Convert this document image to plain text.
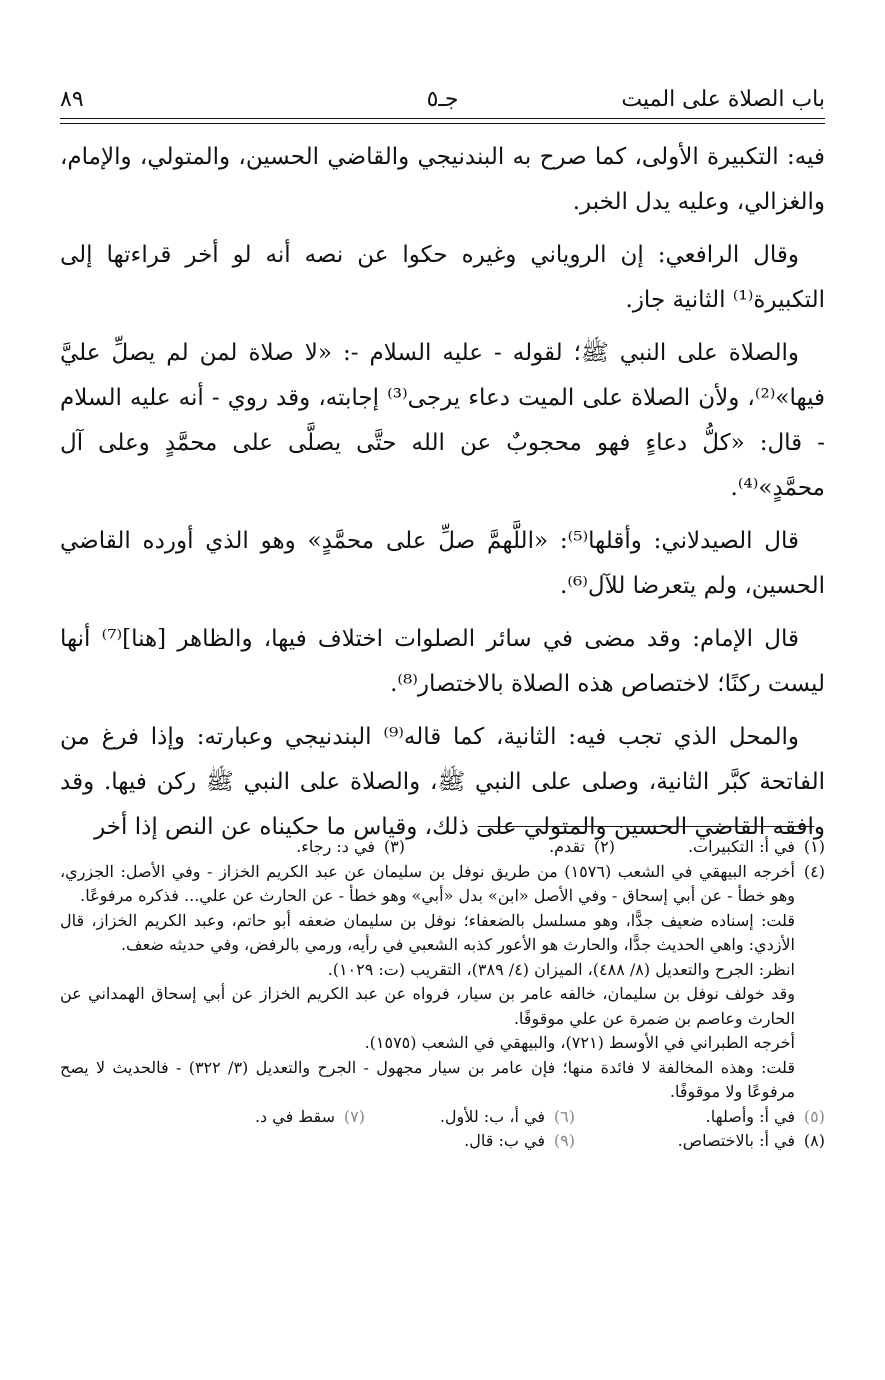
باب الصلاة على الميت
جـ٥
٨٩

فيه: التكبيرة الأولى، كما صرح به البندنيجي والقاضي الحسين، والمتولي، والإمام، والغزالي، وعليه يدل الخبر.

وقال الرافعي: إن الروياني وغيره حكوا عن نصه أنه لو أخر قراءتها إلى التكبيرة⁽¹⁾ الثانية جاز.

والصلاة على النبي ﷺ؛ لقوله - عليه السلام -: «لا صلاة لمن لم يصلِّ عليَّ فيها»⁽²⁾، ولأن الصلاة على الميت دعاء يرجى⁽³⁾ إجابته، وقد روي - أنه عليه السلام - قال: «كلُّ دعاءٍ فهو محجوبٌ عن الله حتَّى يصلَّى على محمَّدٍ وعلى آل محمَّدٍ»⁽⁴⁾.

قال الصيدلاني: وأقلها⁽⁵⁾: «اللَّهمَّ صلِّ على محمَّدٍ» وهو الذي أورده القاضي الحسين، ولم يتعرضا للآل⁽⁶⁾.

قال الإمام: وقد مضى في سائر الصلوات اختلاف فيها، والظاهر [هنا]⁽⁷⁾ أنها ليست ركنًا؛ لاختصاص هذه الصلاة بالاختصار⁽⁸⁾.

والمحل الذي تجب فيه: الثانية، كما قاله⁽⁹⁾ البندنيجي وعبارته: وإذا فرغ من الفاتحة كبَّر الثانية، وصلى على النبي ﷺ، والصلاة على النبي ﷺ ركن فيها. وقد وافقه القاضي الحسين والمتولي على ذلك، وقياس ما حكيناه عن النص إذا أخر

(١)
في أ: التكبيرات.
(٢)
تقدم.
(٣)
في د: رجاء.
(٤)
أخرجه البيهقي في الشعب (١٥٧٦) من طريق نوفل بن سليمان عن عبد الكريم الخزاز - وفي الأصل: الجزري، وهو خطأ - عن أبي إسحاق - وفي الأصل «ابن» بدل «أبي» وهو خطأ - عن الحارث عن علي... فذكره مرفوعًا.
قلت: إسناده ضعيف جدًّا، وهو مسلسل بالضعفاء؛ نوفل بن سليمان ضعفه أبو حاتم، وعبد الكريم الخزاز، قال الأزدي: واهي الحديث جدًّا، والحارث هو الأعور كذبه الشعبي في رأيه، ورمي بالرفض، وفي حديثه ضعف.
انظر: الجرح والتعديل (٨/ ٤٨٨)، الميزان (٤/ ٣٨٩)، التقريب (ت: ١٠٢٩).
وقد خولف نوفل بن سليمان، خالفه عامر بن سيار، فرواه عن عبد الكريم الخزاز عن أبي إسحاق الهمداني عن الحارث وعاصم بن ضمرة عن علي موقوفًا.
أخرجه الطبراني في الأوسط (٧٢١)، والبيهقي في الشعب (١٥٧٥).
قلت: وهذه المخالفة لا فائدة منها؛ فإن عامر بن سيار مجهول - الجرح والتعديل (٣/ ٣٢٢) - فالحديث لا يصح مرفوعًا ولا موقوفًا.
(٥)
في أ: وأصلها.
(٦)
في أ، ب: للأول.
(٧)
سقط في د.
(٨)
في أ: بالاختصاص.
(٩)
في ب: قال.
